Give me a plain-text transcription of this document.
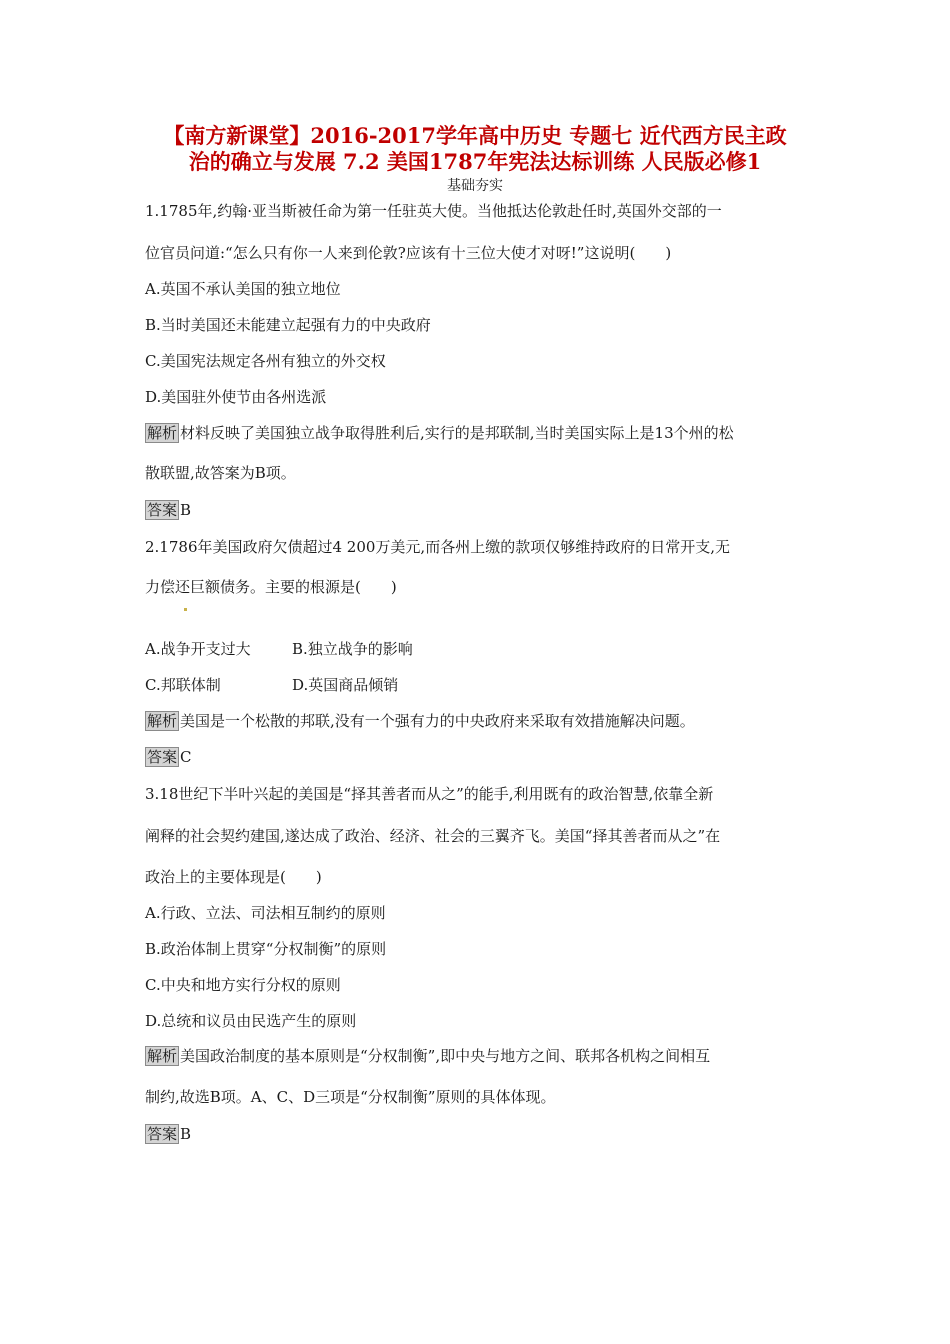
【南方新课堂】2016-2017学年高中历史 专题七 近代西方民主政
治的确立与发展 7.2 美国1787年宪法达标训练 人民版必修1
基础夯实
1.1785年,约翰·亚当斯被任命为第一任驻英大使。当他抵达伦敦赴任时,英国外交部的一
位官员问道:“怎么只有你一人来到伦敦?应该有十三位大使才对呀!”这说明(　　)
A.英国不承认美国的独立地位
B.当时美国还未能建立起强有力的中央政府
C.美国宪法规定各州有独立的外交权
D.美国驻外使节由各州选派
解析 材料反映了美国独立战争取得胜利后,实行的是邦联制,当时美国实际上是13个州的松
散联盟,故答案为B项。
答案 B
2.1786年美国政府欠债超过4 200万美元,而各州上缴的款项仅够维持政府的日常开支,无
力偿还巨额债务。主要的根源是(　　)
A.战争开支过大	B.独立战争的影响
C.邦联体制	D.英国商品倾销
解析 美国是一个松散的邦联,没有一个强有力的中央政府来采取有效措施解决问题。
答案 C
3.18世纪下半叶兴起的美国是“择其善者而从之”的能手,利用既有的政治智慧,依靠全新
阐释的社会契约建国,遂达成了政治、经济、社会的三翼齐飞。美国“择其善者而从之”在
政治上的主要体现是(　　)
A.行政、立法、司法相互制约的原则
B.政治体制上贯穿“分权制衡”的原则
C.中央和地方实行分权的原则
D.总统和议员由民选产生的原则
解析 美国政治制度的基本原则是“分权制衡”,即中央与地方之间、联邦各机构之间相互
制约,故选B项。A、C、D三项是“分权制衡”原则的具体体现。
答案 B
